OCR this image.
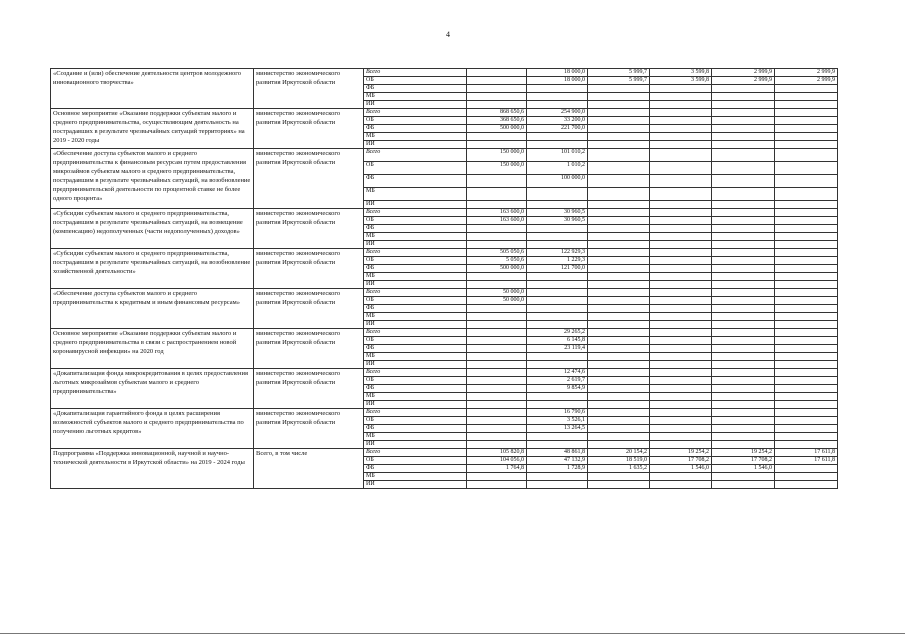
4
«Создание и (или) обеспечение деятельности центров молодежного инновационного творчества»	министерство экономического развития Иркутской области	Всего		18 000,0	5 999,7	3 599,8	2 999,9	2 999,9	
		ОБ		18 000,0	5 999,7	3 599,8	2 999,9	2 999,9	
		ФБ							
		МБ							
		ИИ							
Основное мероприятие «Оказание поддержки субъектам малого и среднего предпринимательства, осуществляющим деятельность на пострадавших в результате чрезвычайных ситуаций территориях» на 2019 - 2020 годы	министерство экономического развития Иркутской области	Всего	868 650,6	254 900,0					
		ОБ	368 650,6	33 200,0					
		ФБ	500 000,0	221 700,0					
		МБ							
		ИИ							
«Обеспечение доступа субъектов малого и среднего предпринимательства к финансовым ресурсам путем предоставления микрозаймов субъектам малого и среднего предпринимательства, пострадавшим в результате чрезвычайных ситуаций, на возобновление предпринимательской деятельности по процентной ставке не более одного процента»	министерство экономического развития Иркутской области	Всего	150 000,0	101 010,2					
		ОБ	150 000,0	1 010,2					
		ФБ		100 000,0					
		МБ							
		ИИ							
«Субсидии субъектам малого и среднего предпринимательства, пострадавшим в результате чрезвычайных ситуаций, на возмещение (компенсацию) недополученных (части недополученных) доходов»	министерство экономического развития Иркутской области	Всего	163 600,0	30 960,5					
		ОБ	163 600,0	30 960,5					
		ФБ							
		МБ							
		ИИ							
«Субсидии субъектам малого и среднего предпринимательства, пострадавшим в результате чрезвычайных ситуаций, на возобновление хозяйственной деятельности»	министерство экономического развития Иркутской области	Всего	505 050,6	122 929,3					
		ОБ	5 050,6	1 229,3					
		ФБ	500 000,0	121 700,0					
		МБ							
		ИИ							
«Обеспечение доступа субъектов малого и среднего предпринимательства к кредитным и иным финансовым ресурсам»	министерство экономического развития Иркутской области	Всего	50 000,0						
		ОБ	50 000,0						
		ФБ							
		МБ							
		ИИ							
Основное мероприятие «Оказание поддержки субъектам малого и среднего предпринимательства в связи с распространением новой коронавирусной инфекции» на 2020 год	министерство экономического развития Иркутской области	Всего		29 265,2					
		ОБ		6 145,8					
		ФБ		23 119,4					
		МБ							
		ИИ							
«Докапитализация фонда микрокредитования в целях предоставления льготных микрозаймов субъектам малого и среднего предпринимательства»	министерство экономического развития Иркутской области	Всего		12 474,6					
		ОБ		2 619,7					
		ФБ		9 854,9					
		МБ							
		ИИ							
«Докапитализация гарантийного фонда в целях расширения возможностей субъектов малого и среднего предпринимательства по получению льготных кредитов»	министерство экономического развития Иркутской области	Всего		16 790,6					
		ОБ		3 526,1					
		ФБ		13 264,5					
		МБ							
		ИИ							
Подпрограмма «Поддержка инновационной, научной и научно-технической деятельности в Иркутской области» на 2019 - 2024 годы	Всего, в том числе	Всего	105 820,8	48 861,8	20 154,2	19 254,2	19 254,2	17 611,8	
		ОБ	104 056,0	47 132,9	18 519,0	17 708,2	17 708,2	17 611,8	
		ФБ	1 764,8	1 728,9	1 635,2	1 546,0	1 546,0		
		МБ							
		ИИ							
